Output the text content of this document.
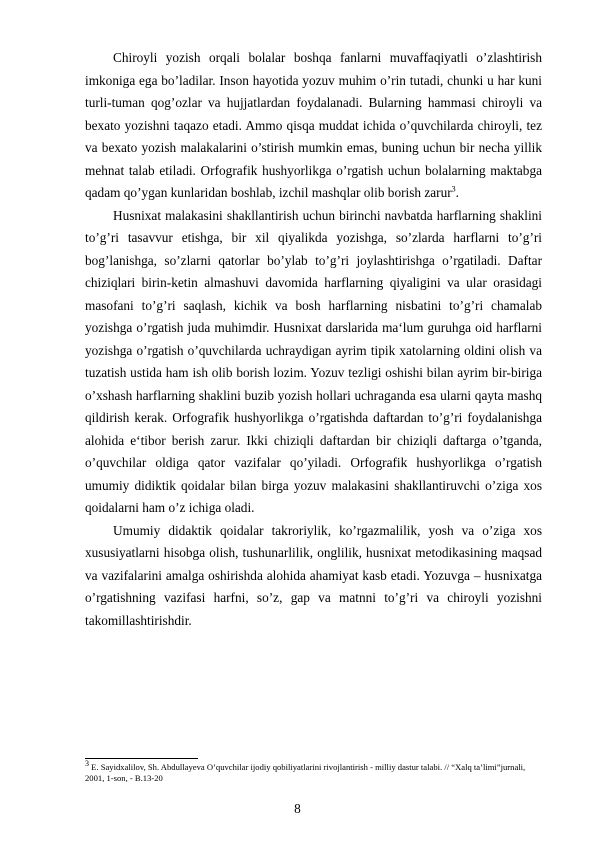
Chiroyli yozish orqali bolalar boshqa fanlarni muvaffaqiyatli o’zlashtirish imkoniga ega bo’ladilar. Inson hayotida yozuv muhim o’rin tutadi, chunki u har kuni turli-tuman qog’ozlar va hujjatlardan foydalanadi. Bularning hammasi chiroyli va bexato yozishni taqazo etadi. Ammo qisqa muddat ichida o’quvchilarda chiroyli, tez va bexato yozish malakalarini o’stirish mumkin emas, buning uchun bir necha yillik mehnat talab etiladi. Orfografik hushyorlikga o’rgatish uchun bolalarning maktabga qadam qo’ygan kunlaridan boshlab, izchil mashqlar olib borish zarur$^3$.

Husnixat malakasini shakllantirish uchun birinchi navbatda harflarning shaklini to’g’ri tasavvur etishga, bir xil qiyalikda yozishga, so’zlarda harflarni to’g’ri bog’lanishga, so’zlarni qatorlar bo’ylab to’g’ri joylashtirishga o’rgatiladi. Daftar chiziqlari birin-ketin almashuvi davomida harflarning qiyaligini va ular orasidagi masofani to’g’ri saqlash, kichik va bosh harflarning nisbatini to’g’ri chamalab yozishga o’rgatish juda muhimdir. Husnixat darslarida ma‘lum guruhga oid harflarni yozishga o’rgatish o’quvchilarda uchraydigan ayrim tipik xatolarning oldini olish va tuzatish ustida ham ish olib borish lozim. Yozuv tezligi oshishi bilan ayrim bir-biriga o’xshash harflarning shaklini buzib yozish hollari uchraganda esa ularni qayta mashq qildirish kerak. Orfografik hushyorlikga o’rgatishda daftardan to’g’ri foydalanishga alohida e‘tibor berish zarur. Ikki chiziqli daftardan bir chiziqli daftarga o’tganda, o’quvchilar oldiga qator vazifalar qo’yiladi. Orfografik hushyorlikga o’rgatish umumiy didiktik qoidalar bilan birga yozuv malakasini shakllantiruvchi o’ziga xos qoidalarni ham o’z ichiga oladi.

Umumiy didaktik qoidalar takroriylik, ko’rgazmalilik, yosh va o’ziga xos xususiyatlarni hisobga olish, tushunarlilik, onglilik, husnixat metodikasining maqsad va vazifalarini amalga oshirishda alohida ahamiyat kasb etadi. Yozuvga – husnixatga o’rgatishning vazifasi harfni, so’z, gap va matnni to’g’ri va chiroyli yozishni takomillashtirishdir.

$^3$ E. Sayidxalilov, Sh. Abdullayeva O’quvchilar ijodiy qobiliyatlarini rivojlantirish - milliy dastur talabi. // “Xalq ta’limi”jurnali, 2001, 1-son, - B.13-20

8
